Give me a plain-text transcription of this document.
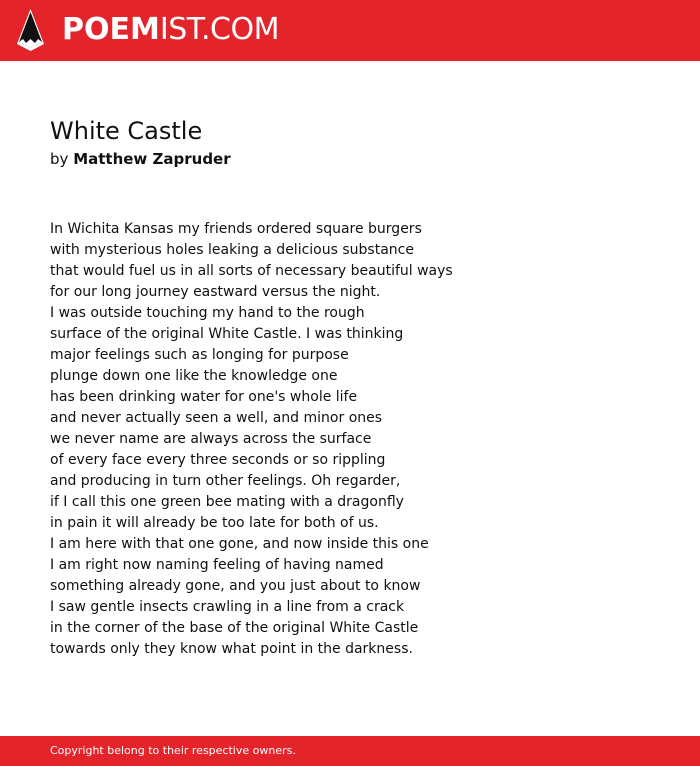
POEMIST.COM
White Castle
by Matthew Zapruder
In Wichita Kansas my friends ordered square burgers
with mysterious holes leaking a delicious substance
that would fuel us in all sorts of necessary beautiful ways
for our long journey eastward versus the night.
I was outside touching my hand to the rough
surface of the original White Castle. I was thinking
major feelings such as longing for purpose
plunge down one like the knowledge one
has been drinking water for one's whole life
and never actually seen a well, and minor ones
we never name are always across the surface
of every face every three seconds or so rippling
and producing in turn other feelings. Oh regarder,
if I call this one green bee mating with a dragonfly
in pain it will already be too late for both of us.
I am here with that one gone, and now inside this one
I am right now naming feeling of having named
something already gone, and you just about to know
I saw gentle insects crawling in a line from a crack
in the corner of the base of the original White Castle
towards only they know what point in the darkness.
Copyright belong to their respective owners.
